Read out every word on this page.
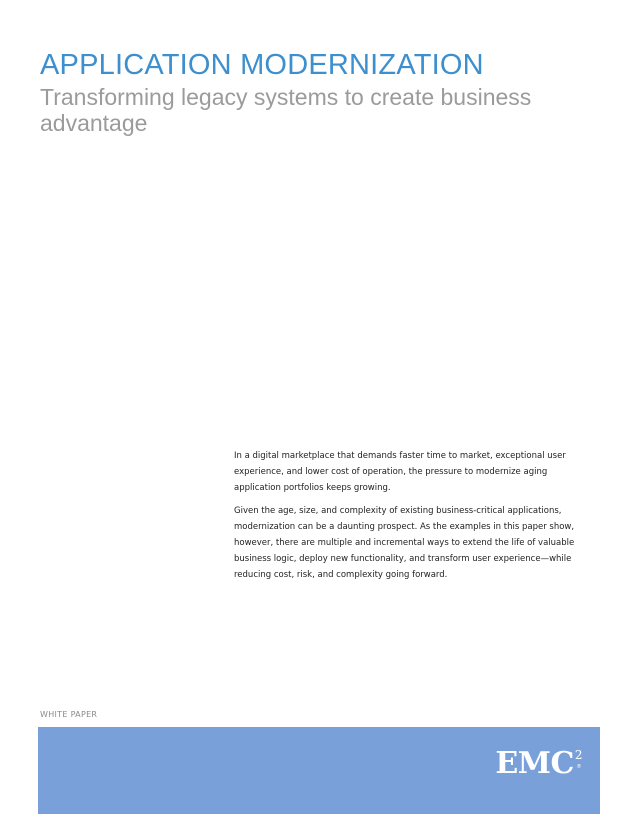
APPLICATION MODERNIZATION
Transforming legacy systems to create business advantage

In a digital marketplace that demands faster time to market, exceptional user experience, and lower cost of operation, the pressure to modernize aging application portfolios keeps growing.

Given the age, size, and complexity of existing business-critical applications, modernization can be a daunting prospect. As the examples in this paper show, however, there are multiple and incremental ways to extend the life of valuable business logic, deploy new functionality, and transform user experience—while reducing cost, risk, and complexity going forward.

WHITE PAPER
EMC$^2$
®
